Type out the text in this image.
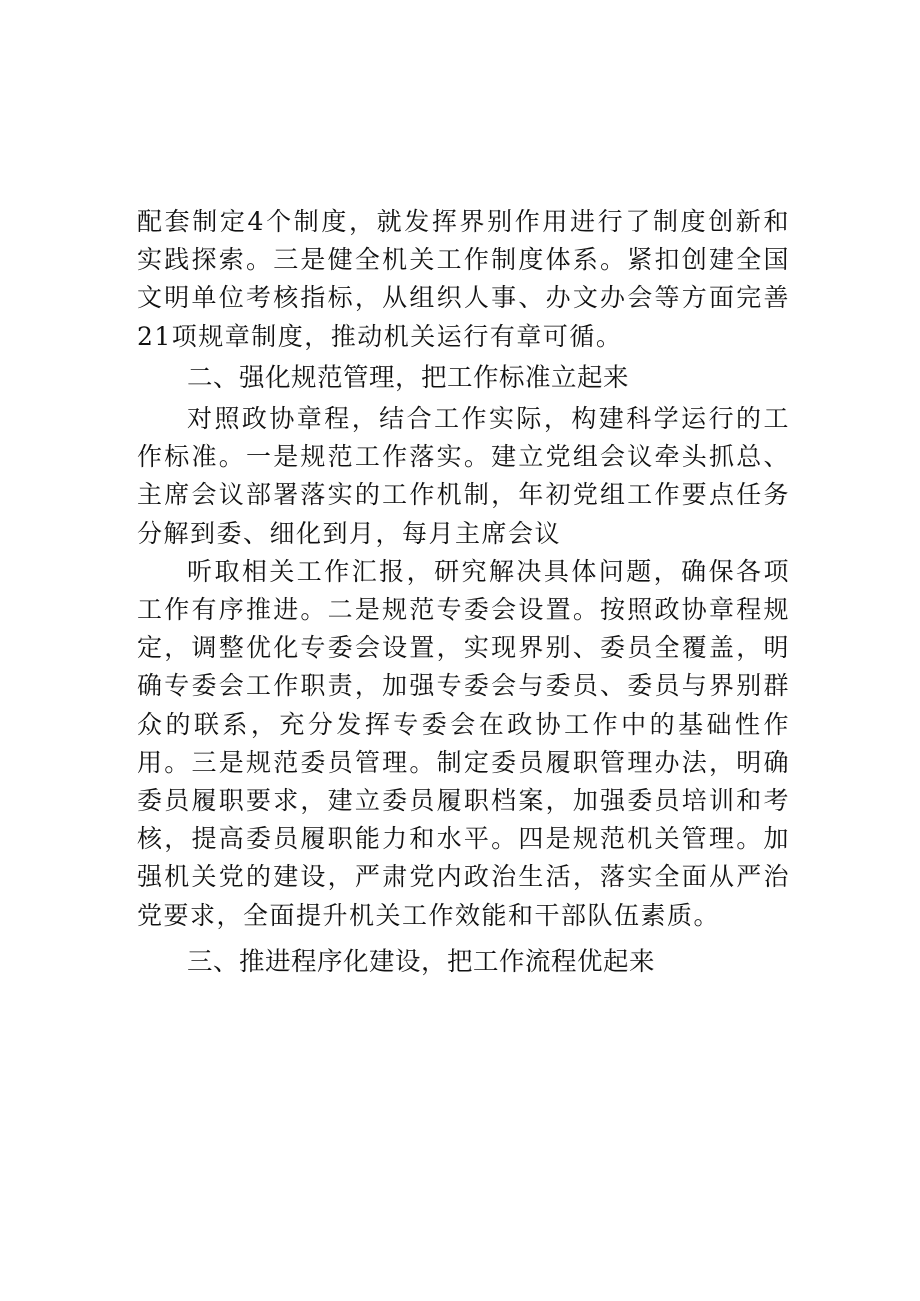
配套制定4个制度，就发挥界别作用进行了制度创新和实践探索。三是健全机关工作制度体系。紧扣创建全国文明单位考核指标，从组织人事、办文办会等方面完善21项规章制度，推动机关运行有章可循。

二、强化规范管理，把工作标准立起来

对照政协章程，结合工作实际，构建科学运行的工作标准。一是规范工作落实。建立党组会议牵头抓总、主席会议部署落实的工作机制，年初党组工作要点任务分解到委、细化到月，每月主席会议

听取相关工作汇报，研究解决具体问题，确保各项工作有序推进。二是规范专委会设置。按照政协章程规定，调整优化专委会设置，实现界别、委员全覆盖，明确专委会工作职责，加强专委会与委员、委员与界别群众的联系，充分发挥专委会在政协工作中的基础性作用。三是规范委员管理。制定委员履职管理办法，明确委员履职要求，建立委员履职档案，加强委员培训和考核，提高委员履职能力和水平。四是规范机关管理。加强机关党的建设，严肃党内政治生活，落实全面从严治党要求，全面提升机关工作效能和干部队伍素质。

三、推进程序化建设，把工作流程优起来
